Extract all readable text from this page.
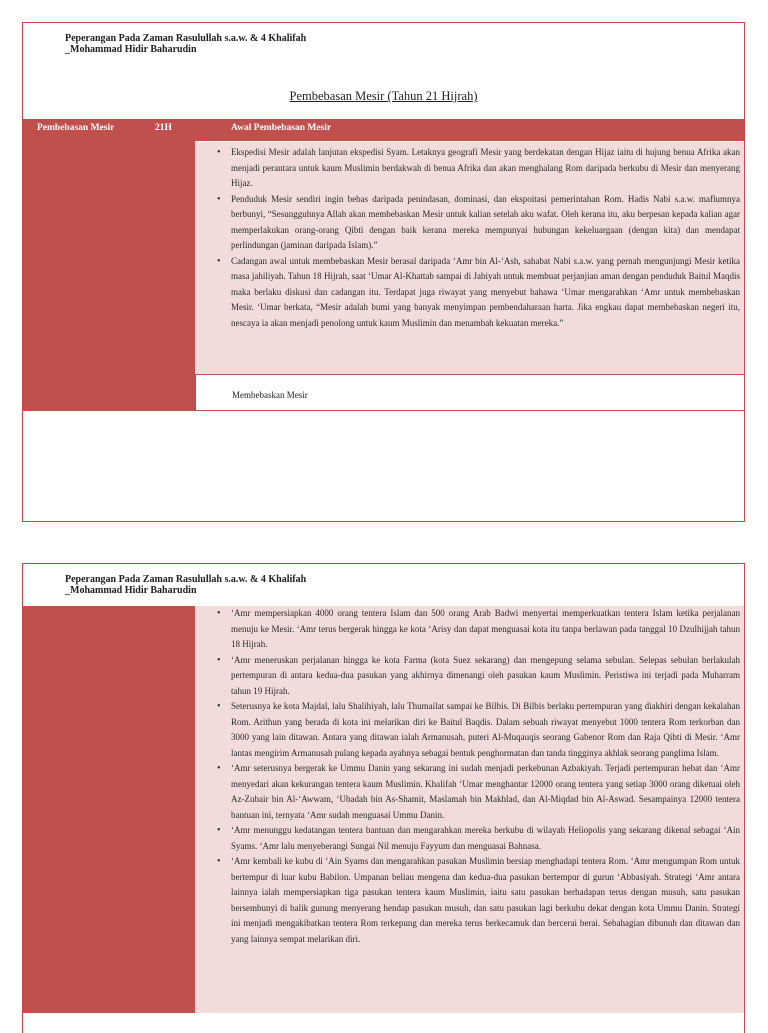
Peperangan Pada Zaman Rasulullah s.a.w. & 4 Khalifah
_Mohammad Hidir Baharudin
Pembebasan Mesir (Tahun 21 Hijrah)
Pembebasan Mesir	21H	Awal Pembebasan Mesir
• Ekspedisi Mesir adalah lanjutan ekspedisi Syam. Letaknya geografi Mesir yang berdekatan dengan Hijaz iaitu di hujung benua Afrika akan menjadi perantara untuk kaum Muslimin berdakwah di benua Afrika dan akan menghalang Rom daripada berkubu di Mesir dan menyerang Hijaz.
• Penduduk Mesir sendiri ingin bebas daripada penindasan, dominasi, dan ekspoitasi pemerintahan Rom. Hadis Nabi s.a.w. maflumnya berbunyi, “Sesungguhnya Allah akan membebaskan Mesir untuk kalian setelah aku wafat. Oleh kerana itu, aku berpesan kepada kalian agar memperlakukan orang-orang Qibti dengan baik kerana mereka mempunyai hubungan kekeluargaan (dengan kita) dan mendapat perlindungan (jaminan daripada Islam).”
• Cadangan awal untuk membebaskan Mesir berasal daripada ‘Amr bin Al-‘Ash, sahabat Nabi s.a.w. yang pernah mengunjungi Mesir ketika masa jahiliyah. Tahun 18 Hijrah, saat ‘Umar Al-Khattab sampai di Jabiyah untuk membuat perjanjian aman dengan penduduk Baitul Maqdis maka berlaku diskusi dan cadangan itu. Terdapat juga riwayat yang menyebut bahawa ‘Umar mengarahkan ‘Amr untuk membebaskan Mesir. ‘Umar berkata, “Mesir adalah bumi yang banyak menyimpan pembendaharaan harta. Jika engkau dapat membebaskan negeri itu, nescaya ia akan menjadi penolong untuk kaum Muslimin dan menambah kekuatan mereka.”
Membebaskan Mesir
Peperangan Pada Zaman Rasulullah s.a.w. & 4 Khalifah
_Mohammad Hidir Baharudin
• ‘Amr mempersiapkan 4000 orang tentera Islam dan 500 orang Arab Badwi menyertai memperkuatkan tentera Islam ketika perjalanan menuju ke Mesir. ‘Amr terus bergerak hingga ke kota ‘Arisy dan dapat menguasai kota itu tanpa berlawan pada tanggal 10 Dzulhijjah tahun 18 Hijrah.
• ‘Amr meneruskan perjalanan hingga ke kota Farma (kota Suez sekarang) dan mengepung selama sebulan. Selepas sebulan berlakulah pertempuran di antara kedua-dua pasukan yang akhirnya dimenangi oleh pasukan kaum Muslimin. Peristiwa ini terjadi pada Muharram tahun 19 Hijrah.
• Seterusnya ke kota Majdal, lalu Shalihiyah, lalu Thumailat sampai ke Bilbis. Di Bilbis berlaku pertempuran yang diakhiri dengan kekalahan Rom. Arithun yang berada di kota ini melarikan diri ke Baitul Baqdis. Dalam sebuah riwayat menyebut 1000 tentera Rom terkorban dan 3000 yang lain ditawan. Antara yang ditawan ialah Armanusah, puteri Al-Muqauqis seorang Gabenor Rom dan Raja Qibti di Mesir. ‘Amr lantas mengirim Armanusah pulang kepada ayahnya sebagai bentuk penghormatan dan tanda tingginya akhlak seorang panglima Islam.
• ‘Amr seterusnya bergerak ke Ummu Danin yang sekarang ini sudah menjadi perkebunan Azbakiyah. Terjadi pertempuran hebat dan ‘Amr menyedari akan kekurangan tentera kaum Muslimin. Khalifah ‘Umar menghantar 12000 orang tentera yang setiap 3000 orang diketuai oleh Az-Zubair bin Al-‘Awwam, ‘Ubadah bin As-Shamit, Maslamah bin Makhlad, dan Al-Miqdad bin Al-Aswad. Sesampainya 12000 tentera bantuan ini, ternyata ‘Amr sudah menguasai Ummu Danin.
• ‘Amr menunggu kedatangan tentera bantuan dan mengarahkan mereka berkubu di wilayah Heliopolis yang sekarang dikenal sebagai ‘Ain Syams. ‘Amr lalu menyeberangi Sungai Nil menuju Fayyum dan menguasai Bahnasa.
• ‘Amr kembali ke kubu di ‘Ain Syams dan mengarahkan pasukan Muslimin bersiap menghadapi tentera Rom. ‘Amr mengumpan Rom untuk bertempur di luar kubu Babilon. Umpanan beliau mengena dan kedua-dua pasukan bertempur di gurun ‘Abbasiyah. Strategi ‘Amr antara lainnya ialah mempersiapkan tiga pasukan tentera kaum Muslimin, iaitu satu pasukan berhadapan terus dengan musuh, satu pasukan bersembunyi di balik gunung menyerang hendap pasukan musuh, dan satu pasukan lagi berkubu dekat dengan kota Ummu Danin. Strategi ini menjadi mengakibatkan tentera Rom terkepung dan mereka terus berkecamuk dan bercerai berai. Sebahagian dibunuh dan ditawan dan yang lainnya sempat melarikan diri.
